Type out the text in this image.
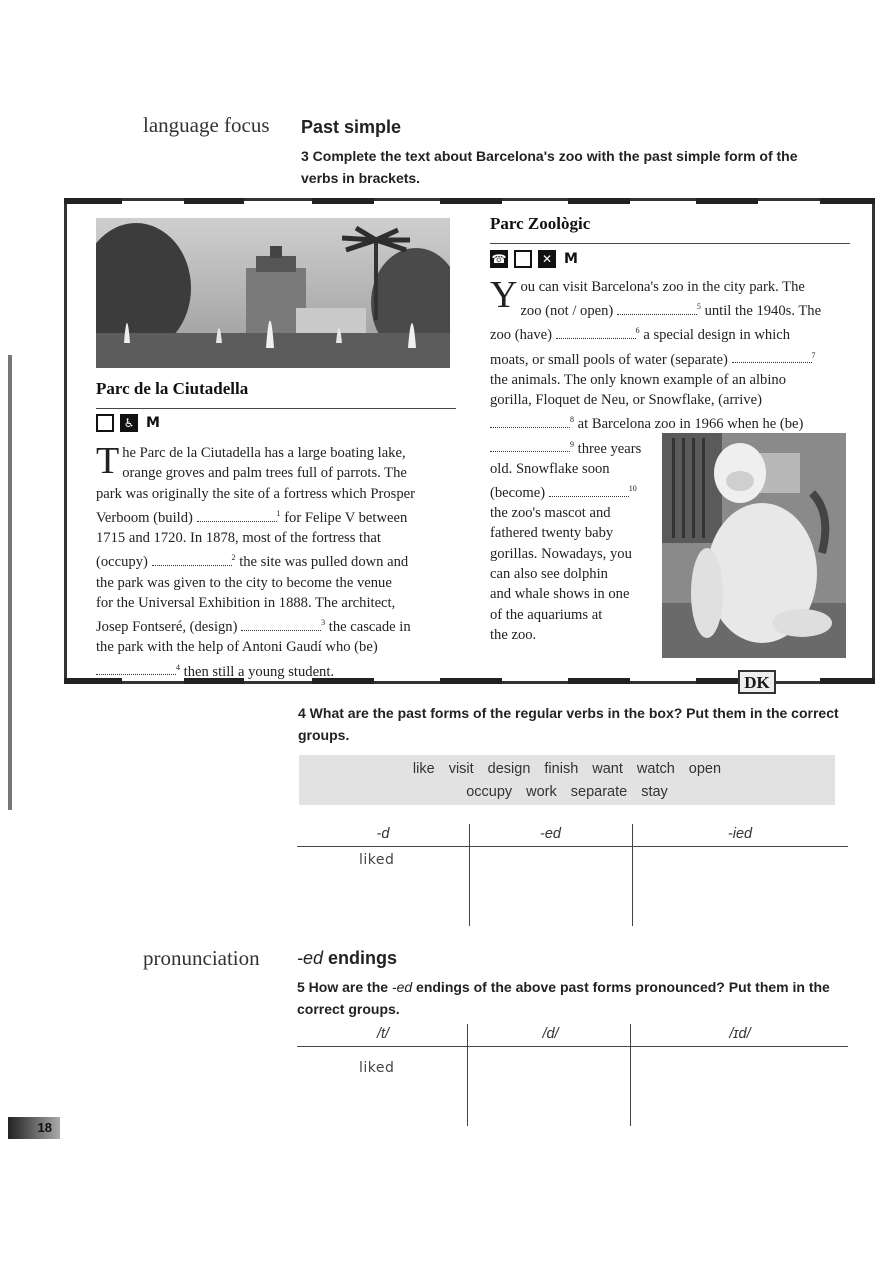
language focus Past simple
3 Complete the text about Barcelona's zoo with the past simple form of the verbs in brackets.
Parc de la Ciutadella
♿ M
T he Parc de la Ciutadella has a large boating lake,
orange groves and palm trees full of parrots. The
park was originally the site of a fortress which Prosper
Verboom (build)	$^1$ for Felipe V between
1715 and 1720. In 1878, most of the fortress that
(occupy)	$^2$ the site was pulled down and
the park was given to the city to become the venue
for the Universal Exhibition in 1888. The architect,
Josep Fontseré, (design)	$^3$ the cascade in
the park with the help of Antoni Gaudí who (be)
$^4$ then still a young student.
Parc Zoològic
☎	✕ M
Y ou can visit Barcelona's zoo in the city park. The
zoo (not / open)	$^5$ until the 1940s. The
zoo (have)	$^6$ a special design in which
moats, or small pools of water (separate)	$^7$
the animals. The only known example of an albino
gorilla, Floquet de Neu, or Snowflake, (arrive)
$^8$ at Barcelona zoo in 1966 when he (be)
$^9$ three years
old. Snowflake soon
(become)	$^{10}$
the zoo's mascot and
fathered twenty baby
gorillas. Nowadays, you
can also see dolphin
and whale shows in one
of the aquariums at
the zoo.
DK
4 What are the past forms of the regular verbs in the box? Put them in the correct groups.
like visit design finish want watch open
occupy work separate stay
-d	-ed	-ied
liked
pronunciation -ed endings
5 How are the -ed endings of the above past forms pronounced? Put them in the correct groups.
/t/	/d/	/ɪd/
liked
18
